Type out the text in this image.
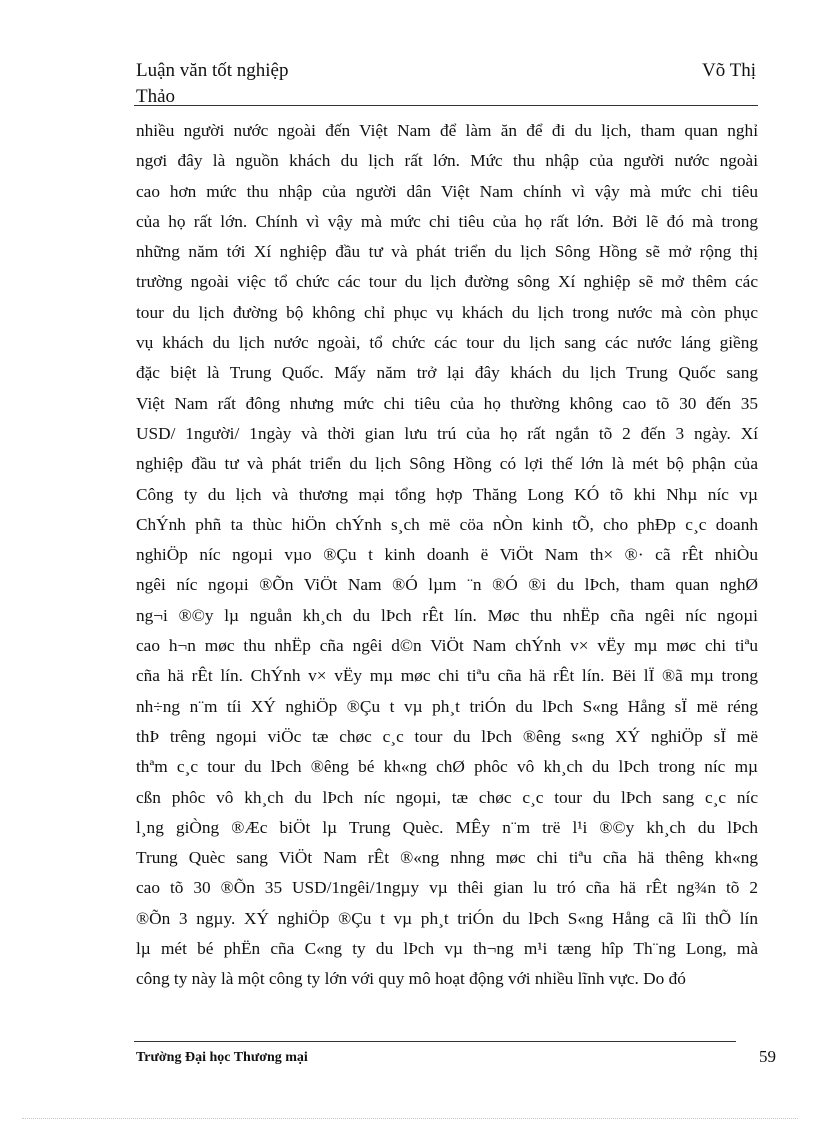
Luận văn tốt nghiệp
Thảo
Võ Thị
nhiều người nước ngoài đến Việt Nam để làm ăn để đi du lịch, tham quan nghỉ
ngơi đây là nguồn khách du lịch rất lớn. Mức thu nhập của người nước ngoài
cao hơn mức thu nhập của người dân Việt Nam chính vì vậy mà mức chi tiêu
của họ rất lớn. Chính vì vậy mà mức chi tiêu của họ rất lớn. Bởi lẽ đó mà trong
những năm tới Xí nghiệp đầu tư và phát triển du lịch Sông Hồng sẽ mở rộng thị
trường ngoài việc tổ chức các tour du lịch đường sông Xí nghiệp sẽ mở thêm các
tour du lịch đường bộ không chỉ phục vụ khách du lịch trong nước mà còn phục
vụ khách du lịch nước ngoài, tổ chức các tour du lịch sang các nước láng giềng
đặc biệt là Trung Quốc. Mấy năm trở lại đây khách du lịch Trung Quốc sang
Việt Nam rất đông nhưng mức chi tiêu của họ thường không cao tõ 30 đến 35
USD/ 1người/ 1ngày và thời gian lưu trú của họ rất ngắn tõ 2 đến 3 ngày. Xí
nghiệp đầu tư và phát triển du lịch Sông Hồng có lợi thế lớn là mét bộ phận của
Công ty du lịch và thương mại tổng hợp Thăng Long KÓ tõ khi Nhµ níc vµ
ChÝnh phñ ta thùc hiÖn chÝnh s¸ch më cöa nÒn kinh tÕ, cho phÐp c¸c doanh
nghiÖp níc ngoµi vµo ®Çu t kinh doanh ë ViÖt Nam th× ®· cã rÊt nhiÒu
ngêi níc ngoµi ®Õn ViÖt Nam ®Ó lµm ¨n ®Ó ®i du lÞch, tham quan nghØ
ng¬i ®©y lµ nguån kh¸ch du lÞch rÊt lín. Møc thu nhËp cña ngêi níc ngoµi
cao h¬n møc thu nhËp cña ngêi d©n ViÖt Nam chÝnh v× vËy mµ møc chi tiªu
cña hä rÊt lín. ChÝnh v× vËy mµ møc chi tiªu cña hä rÊt lín. Bëi lÏ ®ã mµ trong
nh÷ng n¨m tíi XÝ nghiÖp ®Çu t vµ ph¸t triÓn du lÞch S«ng Hång sÏ më réng
thÞ trêng ngoµi viÖc tæ chøc c¸c tour du lÞch ®êng s«ng XÝ nghiÖp sÏ më
thªm c¸c tour du lÞch ®êng bé kh«ng chØ phôc vô kh¸ch du lÞch trong níc mµ
cßn phôc vô kh¸ch du lÞch níc ngoµi, tæ chøc c¸c tour du lÞch sang c¸c níc
l¸ng giÒng ®Æc biÖt lµ Trung Quèc. MÊy n¨m trë l¹i ®©y kh¸ch du lÞch
Trung Quèc sang ViÖt Nam rÊt ®«ng nhng møc chi tiªu cña hä thêng kh«ng
cao tõ 30 ®Õn 35 USD/1ngêi/1ngµy vµ thêi gian lu tró cña hä rÊt ng¾n tõ 2
®Õn 3 ngµy. XÝ nghiÖp ®Çu t vµ ph¸t triÓn du lÞch S«ng Hång cã lîi thÕ lín
lµ mét bé phËn cña C«ng ty du lÞch vµ th¬ng m¹i tæng hîp Th¨ng Long, mà
công ty này là một công ty lớn với quy mô hoạt động với nhiều lĩnh vực. Do đó
Trường Đại học Thương mại	59
